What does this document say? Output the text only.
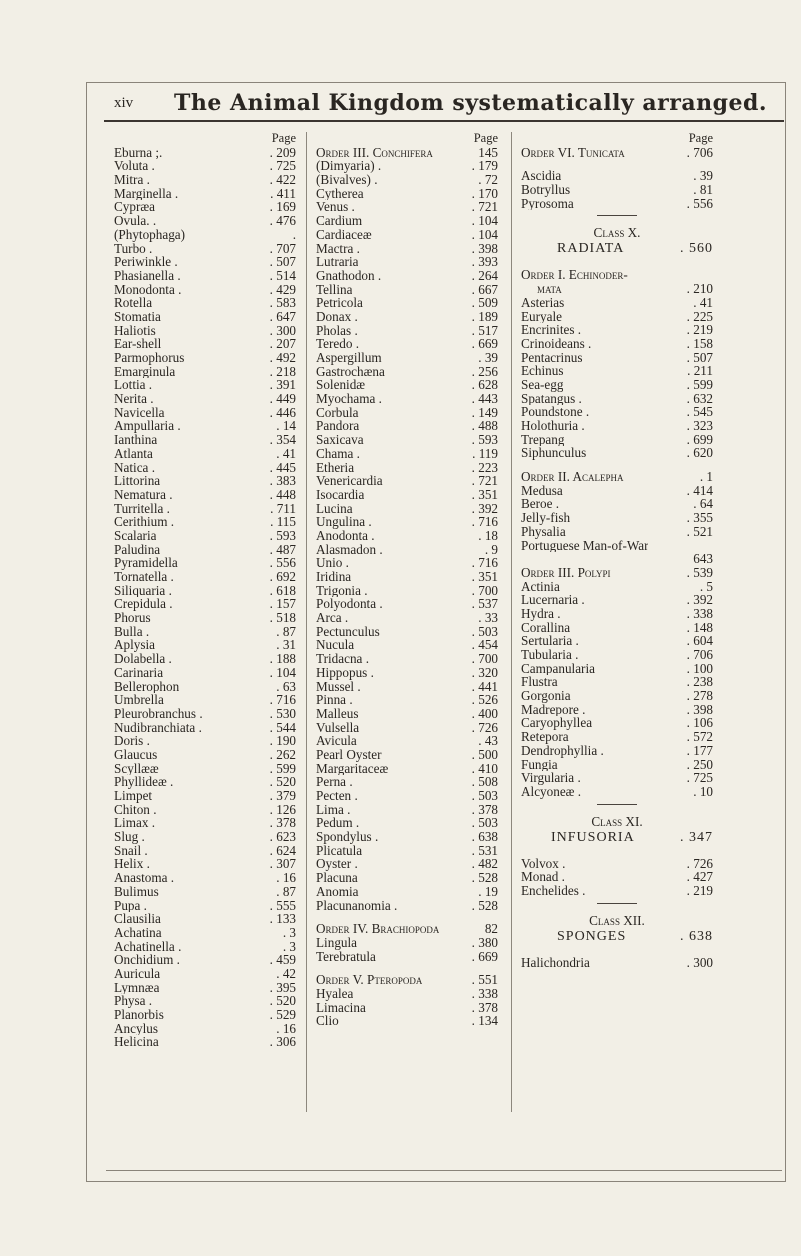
xiv	The Animal Kingdom systematically arranged.
Page
Eburna ;.	. 209
Voluta .	. 725
Mitra .	. 422
Marginella .	. 411
Cypræa	. 169
Ovula. .	. 476
(Phytophaga)	.
Turbo .	. 707
Periwinkle .	. 507
Phasianella .	. 514
Monodonta .	. 429
Rotella	. 583
Stomatia	. 647
Haliotis	. 300
Ear-shell	. 207
Parmophorus	. 492
Emarginula	. 218
Lottia .	. 391
Nerita .	. 449
Navicella	. 446
Ampullaria .	. 14
Ianthina	. 354
Atlanta	. 41
Natica .	. 445
Littorina	. 383
Nematura .	. 448
Turritella .	. 711
Cerithium .	. 115
Scalaria	. 593
Paludina	. 487
Pyramidella	. 556
Tornatella .	. 692
Siliquaria .	. 618
Crepidula .	. 157
Phorus	. 518
Bulla .	. 87
Aplysia	. 31
Dolabella .	. 188
Carinaria	. 104
Bellerophon	. 63
Umbrella	. 716
Pleurobranchus .	. 530
Nudibranchiata .	. 544
Doris .	. 190
Glaucus	. 262
Scyllææ	. 599
Phyllideæ .	. 520
Limpet	. 379
Chiton .	. 126
Limax .	. 378
Slug .	. 623
Snail .	. 624
Helix .	. 307
Anastoma .	. 16
Bulimus	. 87
Pupa .	. 555
Clausilia	. 133
Achatina	. 3
Achatinella .	. 3
Onchidium .	. 459
Auricula	. 42
Lymnæa	. 395
Physa .	. 520
Planorbis	. 529
Ancylus	. 16
Helicina	. 306
Page
Order III. Conchifera	145
(Dimyaria) .	. 179
(Bivalves) .	. 72
Cytherea	. 170
Venus .	. 721
Cardium	. 104
Cardiaceæ	. 104
Mactra .	. 398
Lutraria	. 393
Gnathodon .	. 264
Tellina	. 667
Petricola	. 509
Donax .	. 189
Pholas .	. 517
Teredo .	. 669
Aspergillum	. 39
Gastrochæna	. 256
Solenidæ	. 628
Myochama .	. 443
Corbula	. 149
Pandora	. 488
Saxicava	. 593
Chama .	. 119
Etheria	. 223
Venericardia	. 721
Isocardia	. 351
Lucina	. 392
Ungulina .	. 716
Anodonta .	. 18
Alasmadon .	. 9
Unio .	. 716
Iridina	. 351
Trigonia .	. 700
Polyodonta .	. 537
Arca .	. 33
Pectunculus	. 503
Nucula	. 454
Tridacna .	. 700
Hippopus .	. 320
Mussel .	. 441
Pinna .	. 526
Malleus	. 400
Vulsella	. 726
Avicula	. 43
Pearl Oyster	. 500
Margaritaceæ	. 410
Perna .	. 508
Pecten .	. 503
Lima .	. 378
Pedum .	. 503
Spondylus .	. 638
Plicatula	. 531
Oyster .	. 482
Placuna	. 528
Anomia	. 19
Placunanomia .	. 528
Order IV. Brachiopoda	82
Lingula	. 380
Terebratula	. 669
Order V. Pteropoda	. 551
Hyalea	. 338
Limacina	. 378
Clio	. 134
Page
Order VI. Tunicata	. 706
Ascidia	. 39
Botryllus	. 81
Pyrosoma	. 556
Class X.
RADIATA	. 560
Order I. Echinoder-
mata	. 210
Asterias	. 41
Euryale	. 225
Encrinites .	. 219
Crinoideans .	. 158
Pentacrinus	. 507
Echinus	. 211
Sea-egg	. 599
Spatangus .	. 632
Poundstone .	. 545
Holothuria .	. 323
Trepang	. 699
Siphunculus	. 620
Order II. Acalepha	. 1
Medusa	. 414
Beroe .	. 64
Jelly-fish	. 355
Physalia	. 521
Portuguese Man-of-War
643
Order III. Polypi	. 539
Actinia	. 5
Lucernaria .	. 392
Hydra .	. 338
Corallina	. 148
Sertularia .	. 604
Tubularia .	. 706
Campanularia	. 100
Flustra	. 238
Gorgonia	. 278
Madrepore .	. 398
Caryophyllea	. 106
Retepora	. 572
Dendrophyllia .	. 177
Fungia	. 250
Virgularia .	. 725
Alcyoneæ .	. 10
Class XI.
INFUSORIA	. 347
Volvox .	. 726
Monad .	. 427
Enchelides .	. 219
Class XII.
SPONGES	. 638
Halichondria	. 300
